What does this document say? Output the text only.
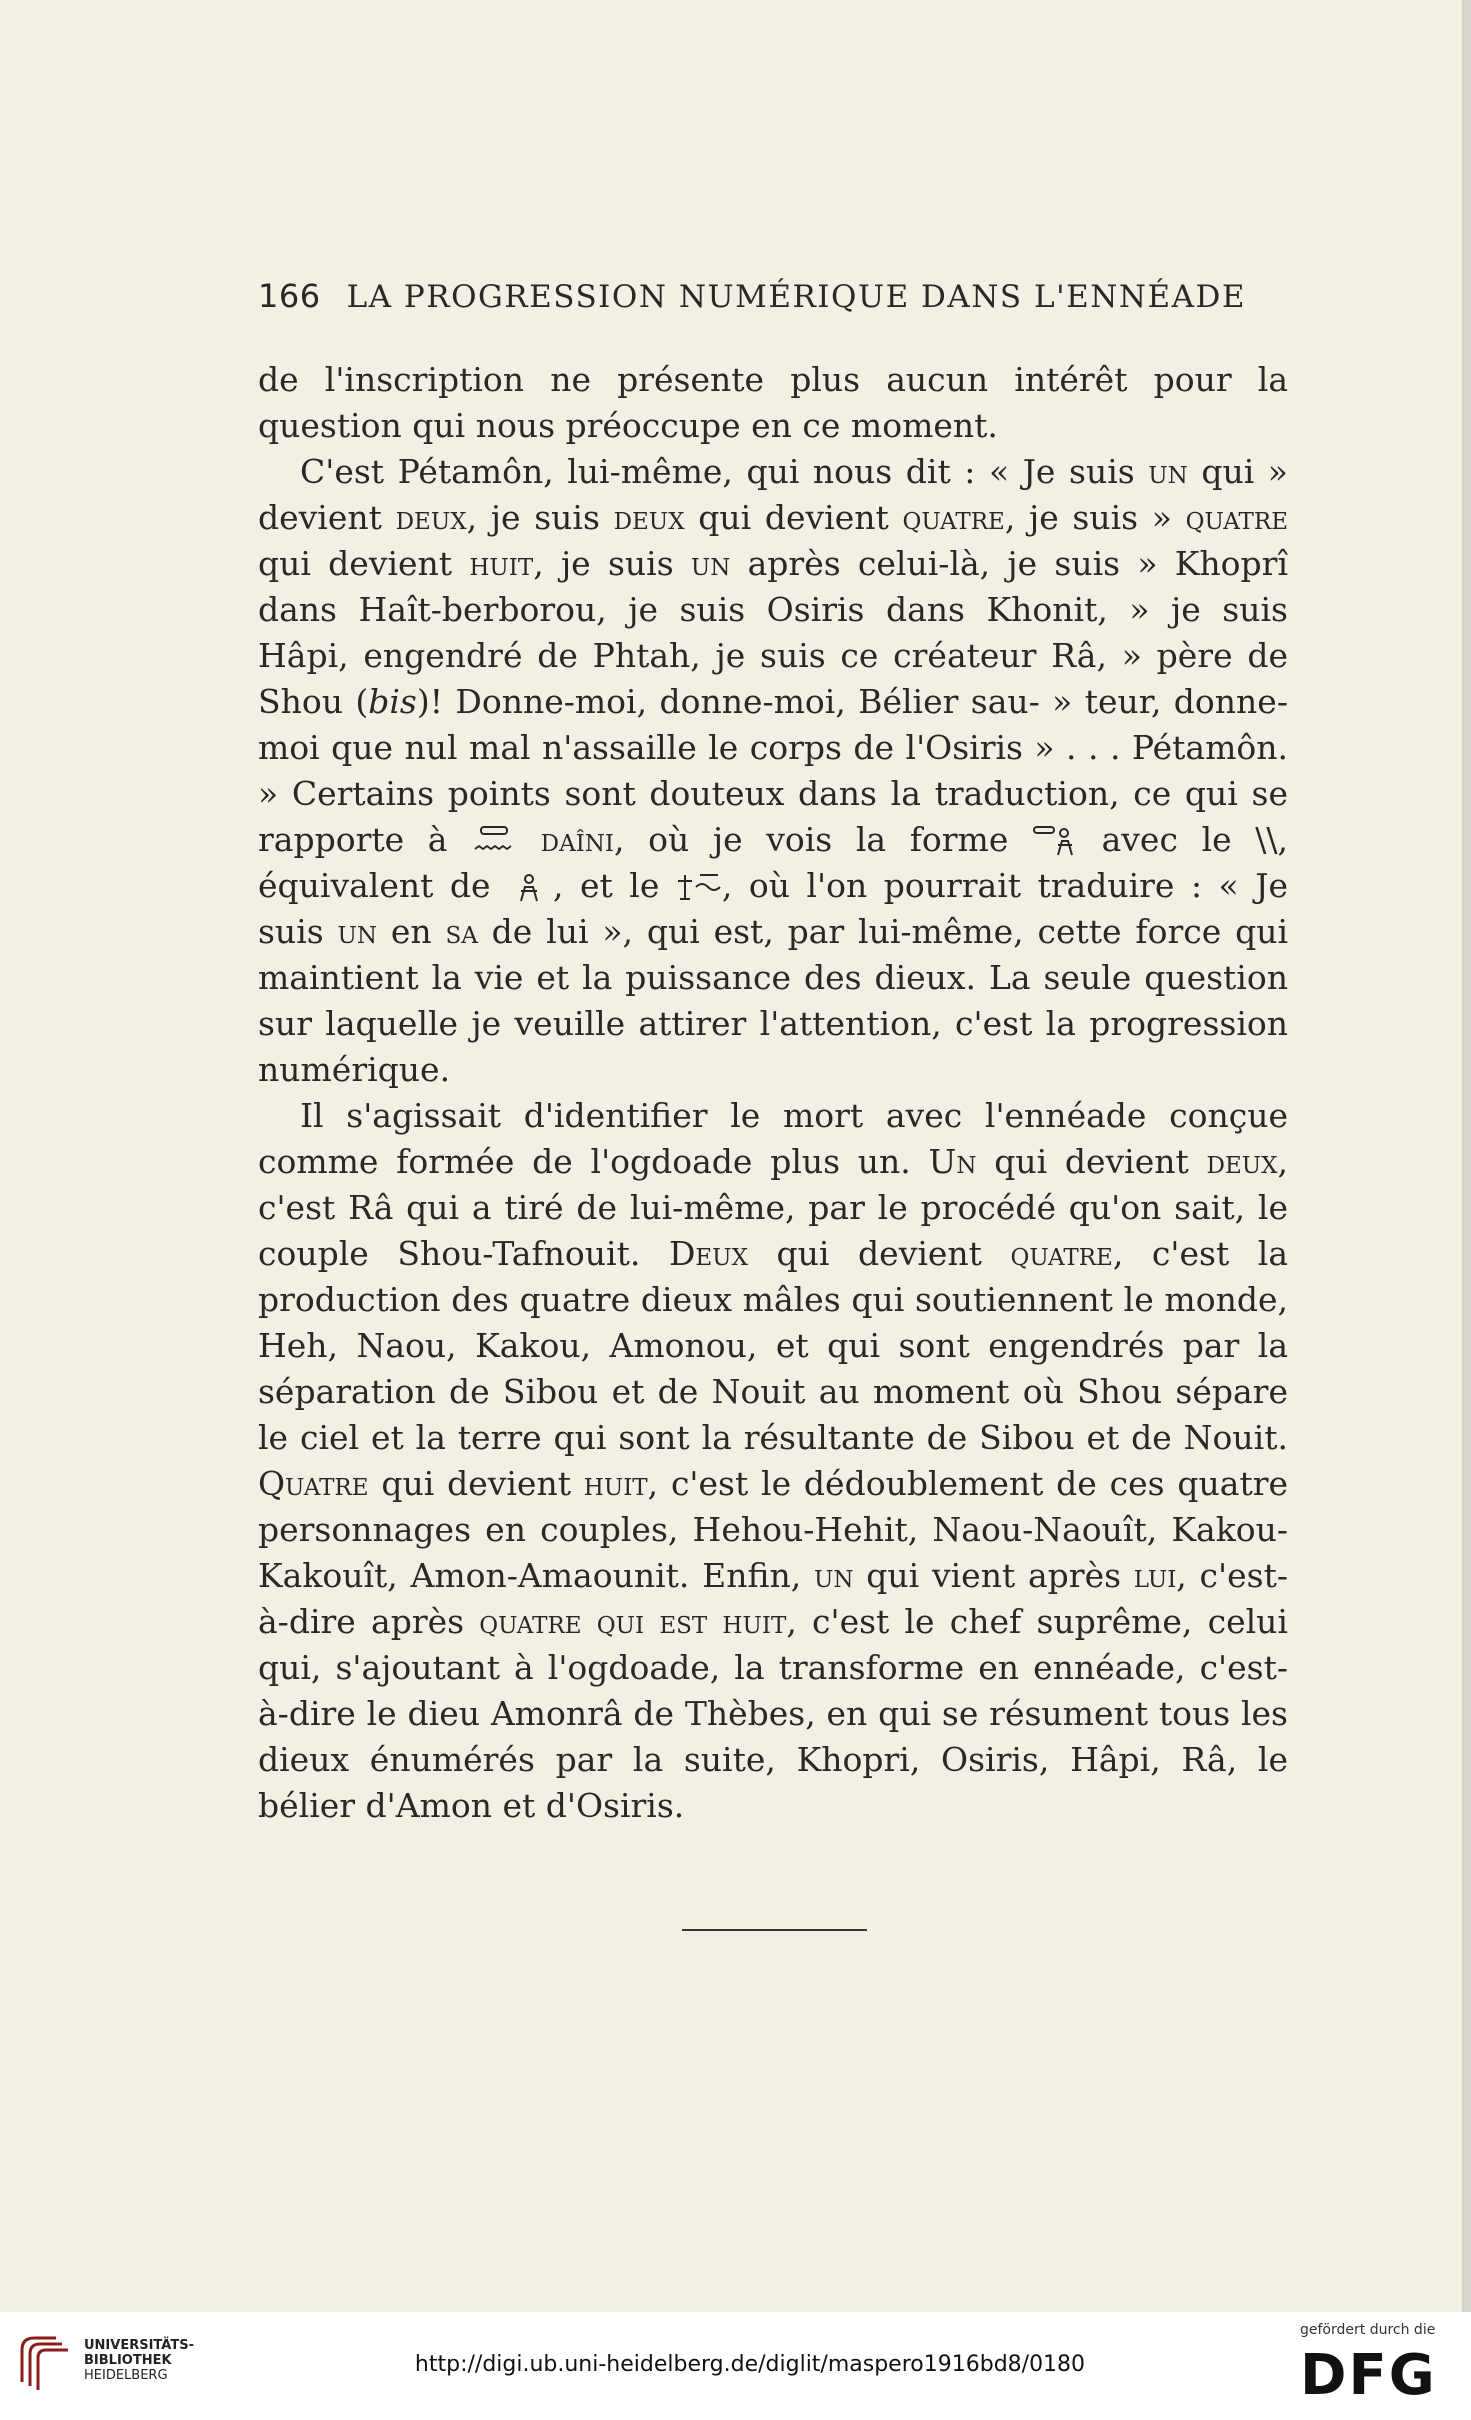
166 LA PROGRESSION NUMÉRIQUE DANS L'ENNÉADE

de l'inscription ne présente plus aucun intérêt pour la question qui nous préoccupe en ce moment.

C'est Pétamôn, lui-même, qui nous dit : « Je suis un qui » devient deux, je suis deux qui devient quatre, je suis » quatre qui devient huit, je suis un après celui-là, je suis » Khoprî dans Haît-berborou, je suis Osiris dans Khonit, » je suis Hâpi, engendré de Phtah, je suis ce créateur Râ, » père de Shou (bis)! Donne-moi, donne-moi, Bélier sau- » teur, donne-moi que nul mal n'assaille le corps de l'Osiris » . . . Pétamôn. » Certains points sont douteux dans la traduction, ce qui se rapporte à  daîni, où je vois la forme  avec le \\, équivalent de , et le , où l'on pourrait traduire : « Je suis un en sa de lui », qui est, par lui-même, cette force qui maintient la vie et la puissance des dieux. La seule question sur laquelle je veuille attirer l'attention, c'est la progression numérique.

Il s'agissait d'identifier le mort avec l'ennéade conçue comme formée de l'ogdoade plus un. Un qui devient deux, c'est Râ qui a tiré de lui-même, par le procédé qu'on sait, le couple Shou-Tafnouit. Deux qui devient quatre, c'est la production des quatre dieux mâles qui soutiennent le monde, Heh, Naou, Kakou, Amonou, et qui sont engendrés par la séparation de Sibou et de Nouit au moment où Shou sépare le ciel et la terre qui sont la résultante de Sibou et de Nouit. Quatre qui devient huit, c'est le dédoublement de ces quatre personnages en couples, Hehou-Hehit, Naou-Naouît, Kakou-Kakouît, Amon-Amaounit. Enfin, un qui vient après lui, c'est-à-dire après quatre qui est huit, c'est le chef suprême, celui qui, s'ajoutant à l'ogdoade, la transforme en ennéade, c'est-à-dire le dieu Amonrâ de Thèbes, en qui se résument tous les dieux énumérés par la suite, Khopri, Osiris, Hâpi, Râ, le bélier d'Amon et d'Osiris.

UNIVERSITÄTS-
BIBLIOTHEK
HEIDELBERG	http://digi.ub.uni-heidelberg.de/diglit/maspero1916bd8/0180
gefördert durch die
DFG
